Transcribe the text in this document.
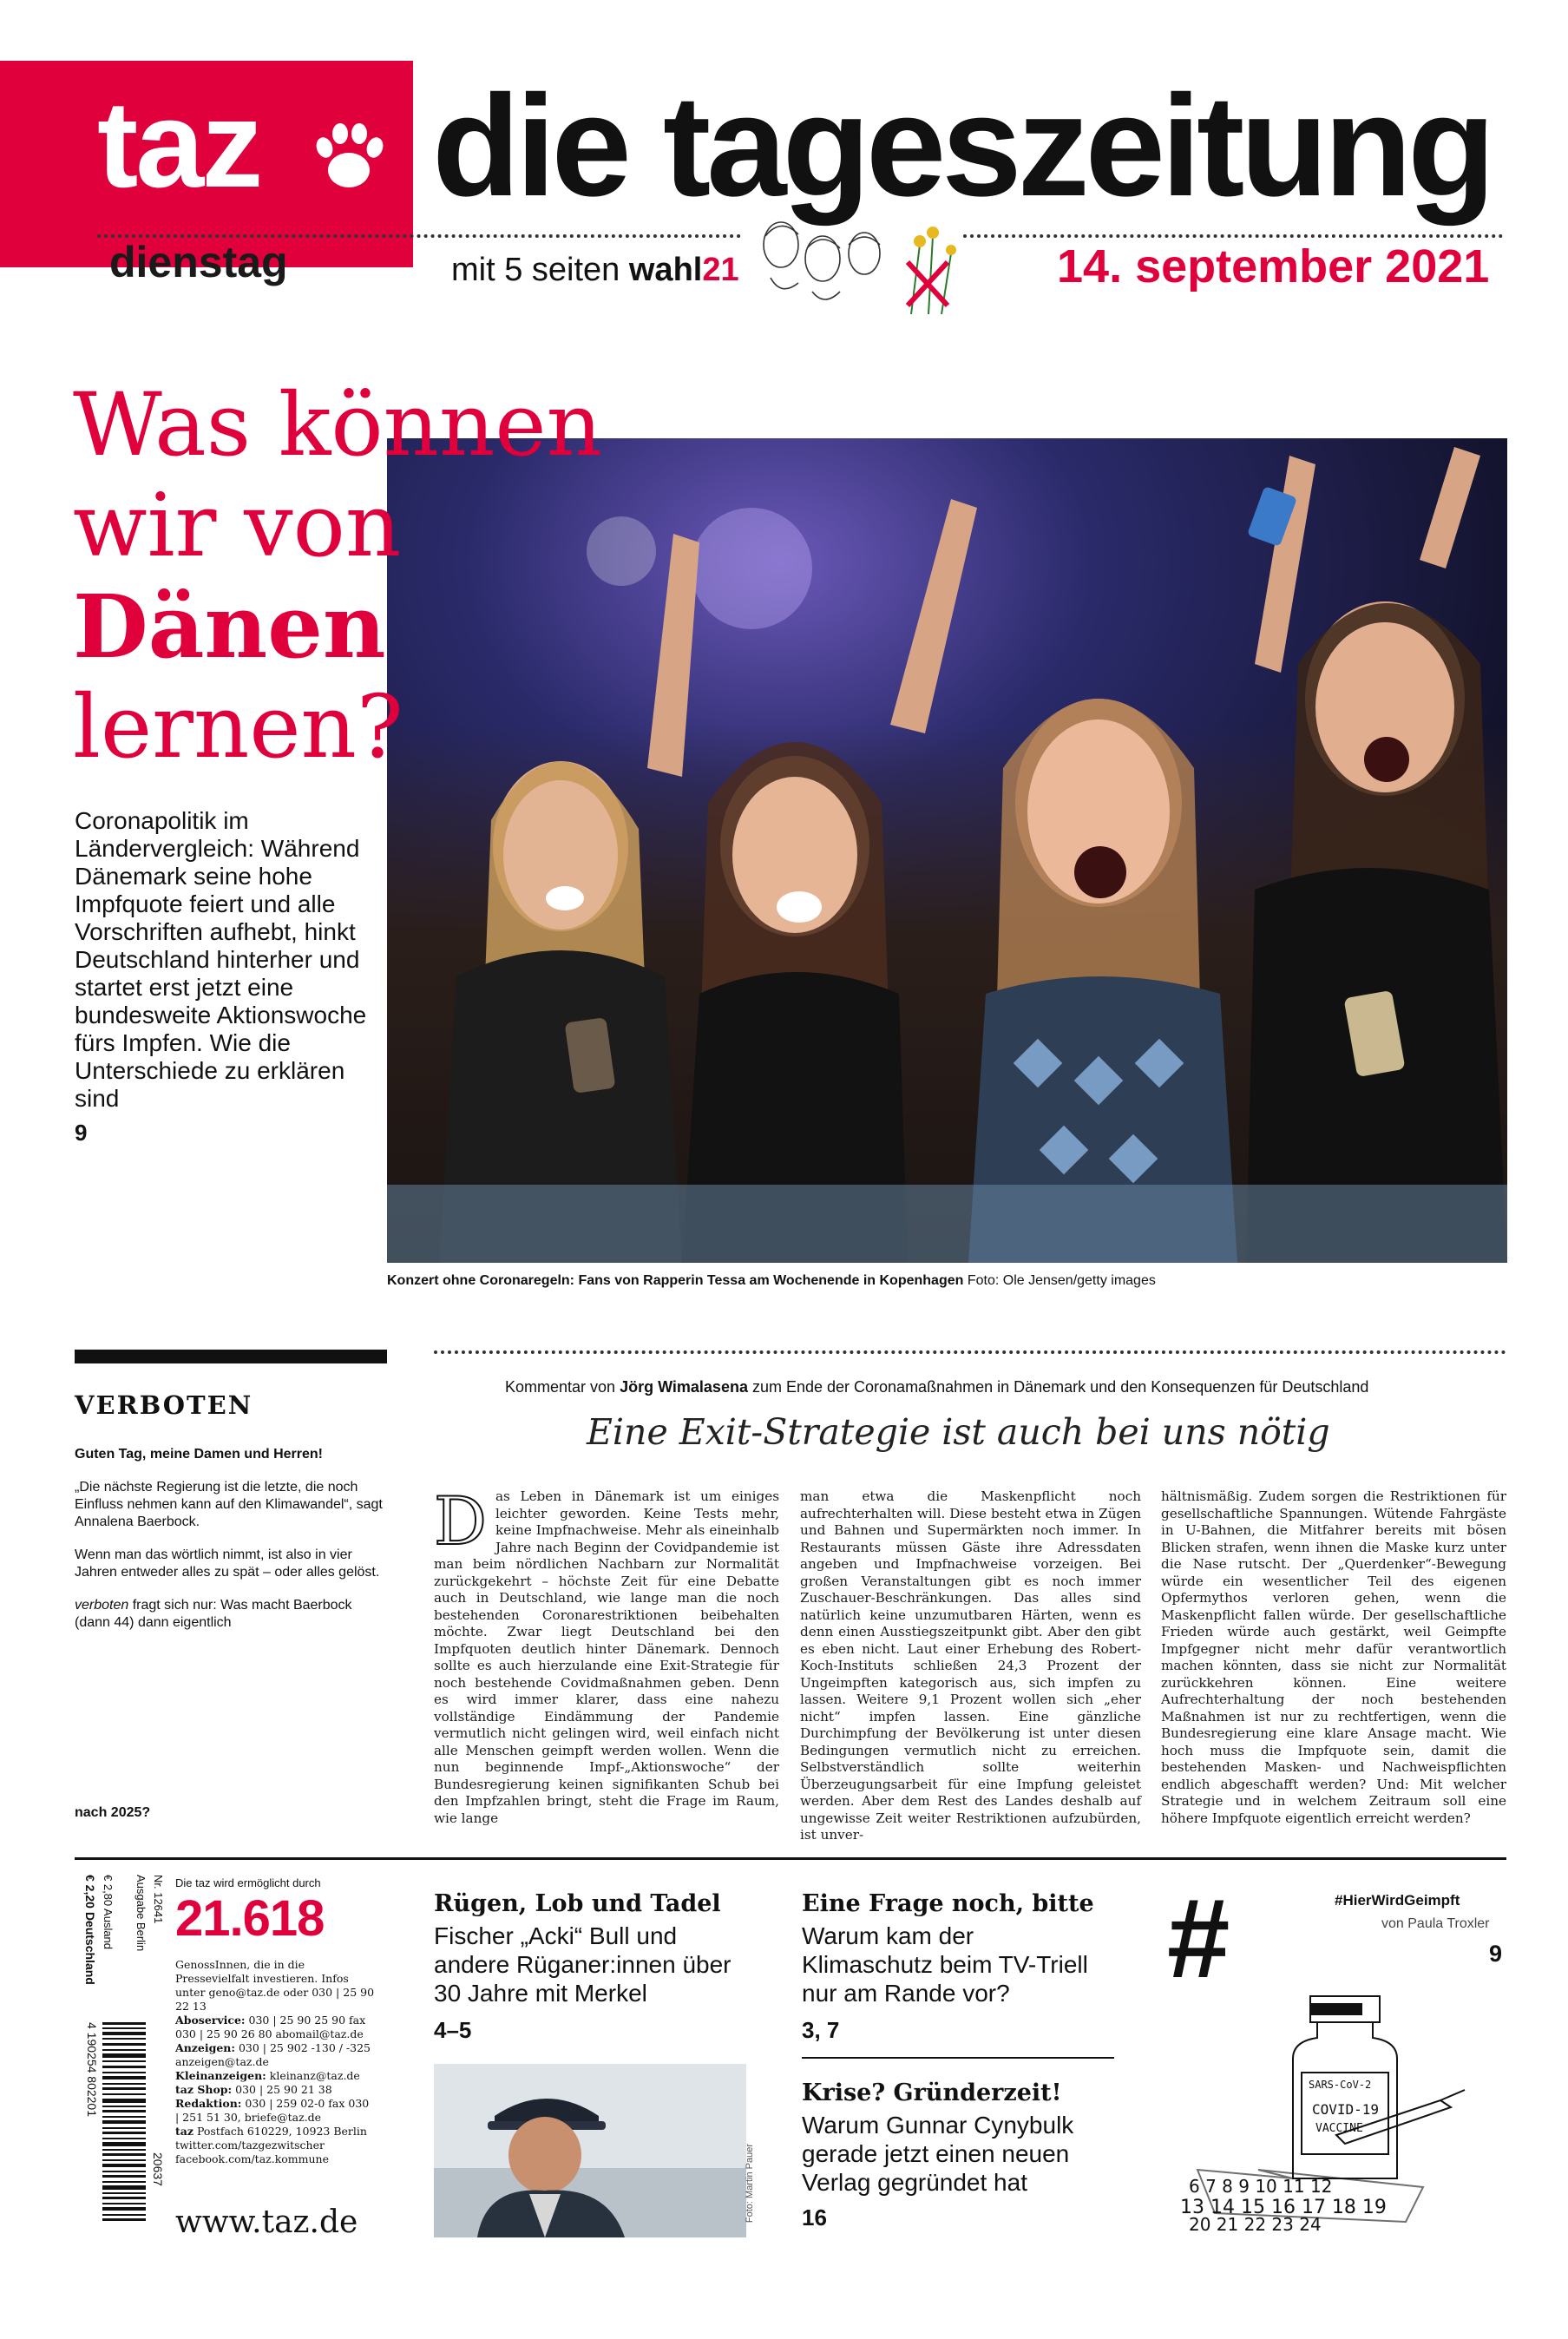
taz
dienstag
die tageszeitung
mit 5 seiten wahl21	14. september 2021
Was können
wir von
Dänen
lernen?
Coronapolitik im Ländervergleich: Während Dänemark seine hohe Impfquote feiert und alle Vorschriften aufhebt, hinkt Deutschland hinterher und startet erst jetzt eine bundesweite Aktionswoche fürs Impfen. Wie die Unterschiede zu erklären sind
9
Konzert ohne Coronaregeln: Fans von Rapperin Tessa am Wochenende in Kopenhagen Foto: Ole Jensen/getty images
VERBOTEN

Guten Tag, meine Damen und Herren!

„Die nächste Regierung ist die letzte, die noch Einfluss nehmen kann auf den Klimawandel“, sagt Annalena Baerbock.

Wenn man das wörtlich nimmt, ist also in vier Jahren entweder alles zu spät – oder alles gelöst.

verboten fragt sich nur: Was macht Baerbock (dann 44) dann eigentlich

nach 2025?
Kommentar von Jörg Wimalasena zum Ende der Coronamaßnahmen in Dänemark und den Konsequenzen für Deutschland
Eine Exit-Strategie ist auch bei uns nötig
Das Leben in Dänemark ist um einiges leichter geworden. Keine Tests mehr, keine Impfnachweise. Mehr als eineinhalb Jahre nach Beginn der Covidpandemie ist man beim nördlichen Nachbarn zur Normalität zurückgekehrt – höchste Zeit für eine Debatte auch in Deutschland, wie lange man die noch bestehenden Coronarestriktionen beibehalten möchte. Zwar liegt Deutschland bei den Impfquoten deutlich hinter Dänemark. Dennoch sollte es auch hierzulande eine Exit-Strategie für noch bestehende Covidmaßnahmen geben. Denn es wird immer klarer, dass eine nahezu vollständige Eindämmung der Pandemie vermutlich nicht gelingen wird, weil einfach nicht alle Menschen geimpft werden wollen. Wenn die nun beginnende Impf-„Aktionswoche“ der Bundesregierung keinen signifikanten Schub bei den Impfzahlen bringt, steht die Frage im Raum, wie lange
man etwa die Maskenpflicht noch aufrechterhalten will. Diese besteht etwa in Zügen und Bahnen und Supermärkten noch immer. In Restaurants müssen Gäste ihre Adressdaten angeben und Impfnachweise vorzeigen. Bei großen Veranstaltungen gibt es noch immer Zuschauer-Beschränkungen. Das alles sind natürlich keine unzumutbaren Härten, wenn es denn einen Ausstiegszeitpunkt gibt. Aber den gibt es eben nicht. Laut einer Erhebung des Robert-Koch-Instituts schließen 24,3 Prozent der Ungeimpften kategorisch aus, sich impfen zu lassen. Weitere 9,1 Prozent wollen sich „eher nicht“ impfen lassen. Eine gänzliche Durchimpfung der Bevölkerung ist unter diesen Bedingungen vermutlich nicht zu erreichen. Selbstverständlich sollte weiterhin Überzeugungsarbeit für eine Impfung geleistet werden. Aber dem Rest des Landes deshalb auf ungewisse Zeit weiter Restriktionen aufzubürden, ist unver-
hältnismäßig. Zudem sorgen die Restriktionen für gesellschaftliche Spannungen. Wütende Fahrgäste in U-Bahnen, die Mitfahrer bereits mit bösen Blicken strafen, wenn ihnen die Maske kurz unter die Nase rutscht. Der „Querdenker“-Bewegung würde ein wesentlicher Teil des eigenen Opfermythos verloren gehen, wenn die Maskenpflicht fallen würde. Der gesellschaftliche Frieden würde auch gestärkt, weil Geimpfte Impfgegner nicht mehr dafür verantwortlich machen könnten, dass sie nicht zur Normalität zurückkehren können. Eine weitere Aufrechterhaltung der noch bestehenden Maßnahmen ist nur zu rechtfertigen, wenn die Bundesregierung eine klare Ansage macht. Wie hoch muss die Impfquote sein, damit die bestehenden Masken- und Nachweispflichten endlich abgeschafft werden? Und: Mit welcher Strategie und in welchem Zeitraum soll eine höhere Impfquote eigentlich erreicht werden?
€ 2,20 Deutschland € 2,80 Ausland	Ausgabe Berlin Nr. 12641
4 190254 802201
20637
Die taz wird ermöglicht durch
21.618
GenossInnen, die in die Pressevielfalt investieren. Infos unter geno@taz.de oder 030 | 25 90 22 13
Aboservice: 030 | 25 90 25 90 fax 030 | 25 90 26 80 abomail@taz.de
Anzeigen: 030 | 25 902 -130 / -325 anzeigen@taz.de
Kleinanzeigen: kleinanz@taz.de
taz Shop: 030 | 25 90 21 38
Redaktion: 030 | 259 02-0 fax 030 | 251 51 30, briefe@taz.de
taz Postfach 610229, 10923 Berlin twitter.com/tazgezwitscher facebook.com/taz.kommune
www.taz.de
Rügen, Lob und Tadel
Fischer „Acki“ Bull und andere Rüganer:innen über 30 Jahre mit Merkel
4–5
Foto: Martin Pauer
Eine Frage noch, bitte
Warum kam der Klimaschutz beim TV-Triell nur am Rande vor?
3, 7
Krise? Gründerzeit!
Warum Gunnar Cynybulk gerade jetzt einen neuen Verlag gegründet hat
16
#	#HierWirdGeimpft
von Paula Troxler
9
SARS-CoV-2
COVID-19
VACCINE
6 7 8 9 10 11 12
13 14 15 16 17 18 19
20 21 22 23 24
